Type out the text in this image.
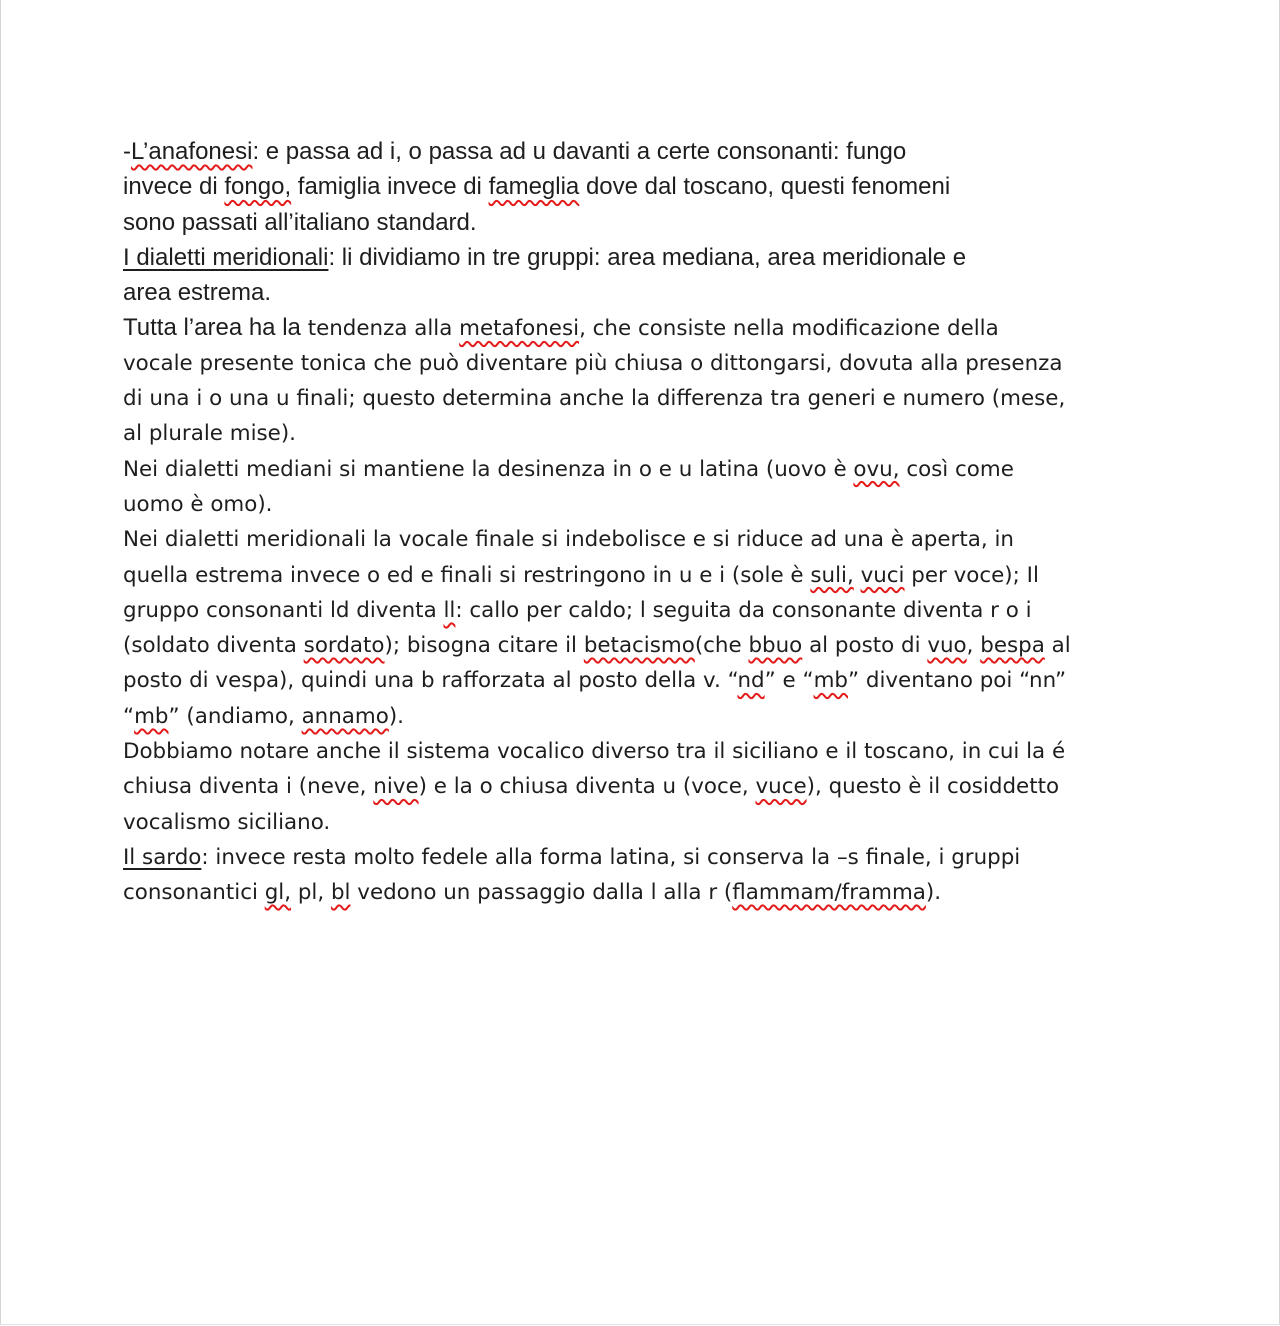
-L’anafonesi: e passa ad i, o passa ad u davanti a certe consonanti: fungo
invece di fongo, famiglia invece di fameglia dove dal toscano, questi fenomeni
sono passati all’italiano standard.
I dialetti meridionali: li dividiamo in tre gruppi: area mediana, area meridionale e
area estrema.
Tutta l’area ha la tendenza alla metafonesi, che consiste nella modificazione della
vocale presente tonica che può diventare più chiusa o dittongarsi, dovuta alla presenza
di una i o una u finali; questo determina anche la differenza tra generi e numero (mese,
al plurale mise).
Nei dialetti mediani si mantiene la desinenza in o e u latina (uovo è ovu, così come
uomo è omo).
Nei dialetti meridionali la vocale finale si indebolisce e si riduce ad una è aperta, in
quella estrema invece o ed e finali si restringono in u e i (sole è suli, vuci per voce); Il
gruppo consonanti ld diventa ll: callo per caldo; l seguita da consonante diventa r o i
(soldato diventa sordato); bisogna citare il betacismo(che bbuo al posto di vuo, bespa al
posto di vespa), quindi una b rafforzata al posto della v. “nd” e “mb” diventano poi “nn”
“mb” (andiamo, annamo).
Dobbiamo notare anche il sistema vocalico diverso tra il siciliano e il toscano, in cui la é
chiusa diventa i (neve, nive) e la o chiusa diventa u (voce, vuce), questo è il cosiddetto
vocalismo siciliano.
Il sardo: invece resta molto fedele alla forma latina, si conserva la –s finale, i gruppi
consonantici gl, pl, bl vedono un passaggio dalla l alla r (flammam/framma).
